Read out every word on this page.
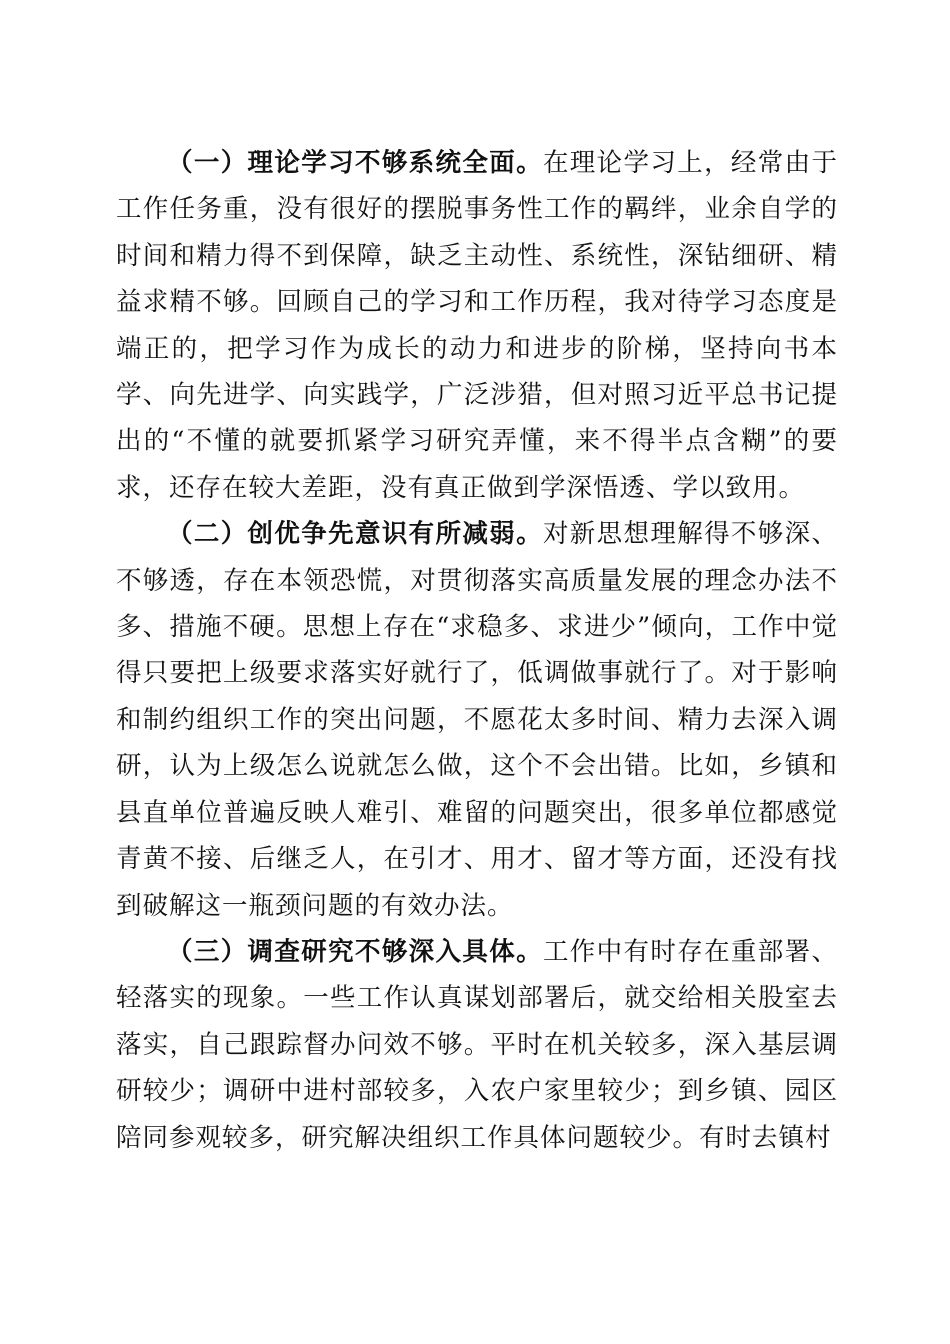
（一）理论学习不够系统全面。在理论学习上，经常由于工作任务重，没有很好的摆脱事务性工作的羁绊，业余自学的时间和精力得不到保障，缺乏主动性、系统性，深钻细研、精益求精不够。回顾自己的学习和工作历程，我对待学习态度是端正的，把学习作为成长的动力和进步的阶梯，坚持向书本学、向先进学、向实践学，广泛涉猎，但对照习近平总书记提出的“不懂的就要抓紧学习研究弄懂，来不得半点含糊”的要求，还存在较大差距，没有真正做到学深悟透、学以致用。

（二）创优争先意识有所减弱。对新思想理解得不够深、不够透，存在本领恐慌，对贯彻落实高质量发展的理念办法不多、措施不硬。思想上存在“求稳多、求进少”倾向，工作中觉得只要把上级要求落实好就行了，低调做事就行了。对于影响和制约组织工作的突出问题，不愿花太多时间、精力去深入调研，认为上级怎么说就怎么做，这个不会出错。比如，乡镇和县直单位普遍反映人难引、难留的问题突出，很多单位都感觉青黄不接、后继乏人，在引才、用才、留才等方面，还没有找到破解这一瓶颈问题的有效办法。

（三）调查研究不够深入具体。工作中有时存在重部署、轻落实的现象。一些工作认真谋划部署后，就交给相关股室去落实，自己跟踪督办问效不够。平时在机关较多，深入基层调研较少；调研中进村部较多，入农户家里较少；到乡镇、园区陪同参观较多，研究解决组织工作具体问题较少。有时去镇村
